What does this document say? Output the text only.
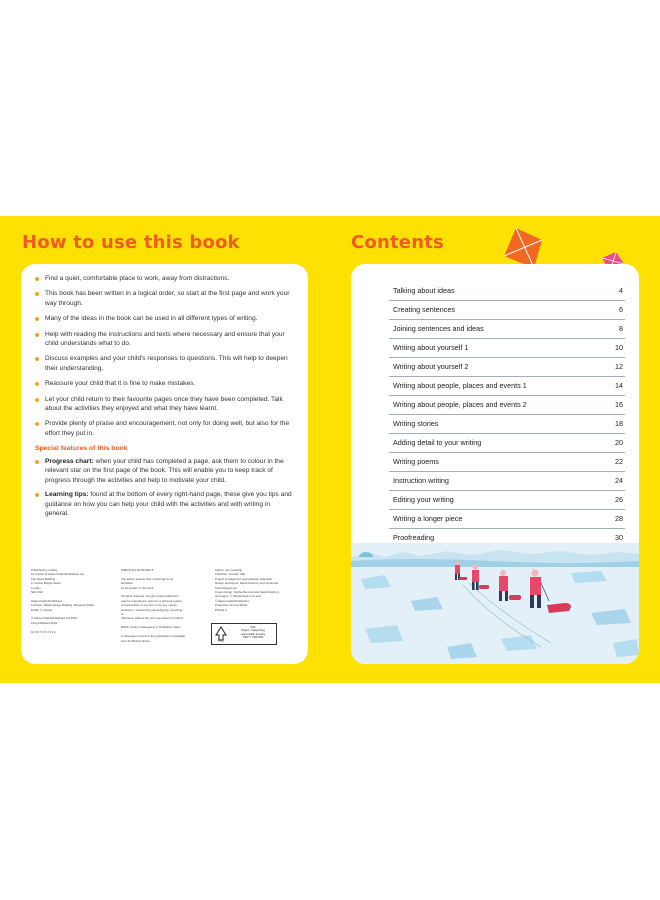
How to use this book
Find a quiet, comfortable place to work, away from distractions.
This book has been written in a logical order, so start at the first page and work your way through.
Many of the ideas in the book can be used in all different types of writing.
Help with reading the instructions and texts where necessary and ensure that your child understands what to do.
Discuss examples and your child's responses to questions. This will help to deepen their understanding.
Reassure your child that it is fine to make mistakes.
Let your child return to their favourite pages once they have been completed. Talk about the activities they enjoyed and what they have learnt.
Provide plenty of praise and encouragement, not only for doing well, but also for the effort they put in.
Special features of this book
Progress chart: when your child has completed a page, ask them to colour in the relevant star on the first page of the book. This will enable you to keep track of progress through the activities and help to motivate your child.
Learning tips: found at the bottom of every right-hand page, these give you tips and guidance on how you can help your child with the activities and with writing in general.
Published by Collins
An imprint of HarperCollinsPublishers Ltd
The News Building
1 London Bridge Street
London
SE1 9GF

HarperCollinsPublishers
1st Floor, Watermarque Building, Ringsend Road,
Dublin 4, Ireland

© HarperCollinsPublishers Ltd 2023
First published 2023

10 9 8 7 6 5 4 3 2 1
ISBN 978-0-00-867996-5

The author asserts their moral right to be identified
as the author of this work.

All rights reserved. No part of this publication
may be reproduced, stored in a retrieval system,
or transmitted, in any form or by any means,
electronic, mechanical, photocopying, recording or
otherwise, without the prior permission of Collins.

British Library Cataloguing in Publication Data

A Catalogue record for this publication is available
from the British Library.
Author: Jon Goulding
Publisher: Jennifer Hall
Project management and editorial: Chantelle
Design and layout: Sarah Duxbury and Contentra
Technologies Ltd
Cover design: Sophie Bennett and Sarah Duxbury
All images: © Shutterstock.com and
© HarperCollinsPublishers
Production: Emma Wood
Printed in
FSC
MIX
Paper | Supporting
responsible forestry
FSC™ C007454
Contents
Talking about ideas	4
Creating sentences	6
Joining sentences and ideas	8
Writing about yourself 1	10
Writing about yourself 2	12
Writing about people, places and events 1	14
Writing about people, places and events 2	16
Writing stories	18
Adding detail to your writing	20
Writing poems	22
Instruction writing	24
Editing your writing	26
Writing a longer piece	28
Proofreading	30
